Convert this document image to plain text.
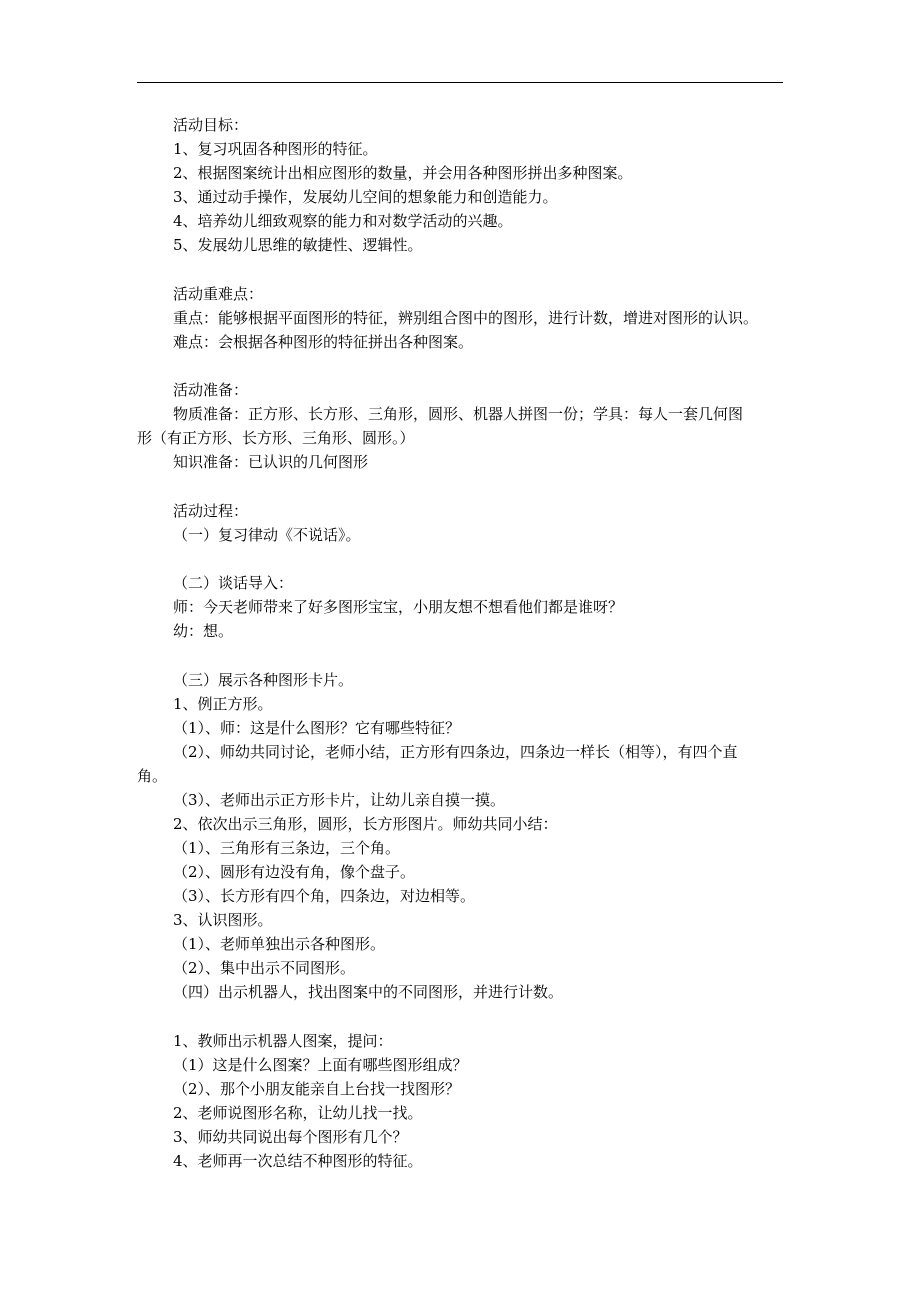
活动目标：
1、复习巩固各种图形的特征。
2、根据图案统计出相应图形的数量，并会用各种图形拼出多种图案。
3、通过动手操作，发展幼儿空间的想象能力和创造能力。
4、培养幼儿细致观察的能力和对数学活动的兴趣。
5、发展幼儿思维的敏捷性、逻辑性。
活动重难点：
重点：能够根据平面图形的特征，辨别组合图中的图形，进行计数，增进对图形的认识。
难点：会根据各种图形的特征拼出各种图案。
活动准备：
物质准备：正方形、长方形、三角形，圆形、机器人拼图一份；学具：每人一套几何图
形（有正方形、长方形、三角形、圆形。）
知识准备：已认识的几何图形
活动过程：
（一）复习律动《不说话》。
（二）谈话导入：
师：今天老师带来了好多图形宝宝，小朋友想不想看他们都是谁呀？
幼：想。
（三）展示各种图形卡片。
1、例正方形。
（1）、师：这是什么图形？它有哪些特征？
（2）、师幼共同讨论，老师小结，正方形有四条边，四条边一样长（相等），有四个直
角。
（3）、老师出示正方形卡片，让幼儿亲自摸一摸。
2、依次出示三角形，圆形，长方形图片。师幼共同小结：
（1）、三角形有三条边，三个角。
（2）、圆形有边没有角，像个盘子。
（3）、长方形有四个角，四条边，对边相等。
3、认识图形。
（1）、老师单独出示各种图形。
（2）、集中出示不同图形。
（四）出示机器人，找出图案中的不同图形，并进行计数。
1、教师出示机器人图案，提问：
（1）这是什么图案？上面有哪些图形组成？
（2）、那个小朋友能亲自上台找一找图形？
2、老师说图形名称，让幼儿找一找。
3、师幼共同说出每个图形有几个？
4、老师再一次总结不种图形的特征。
